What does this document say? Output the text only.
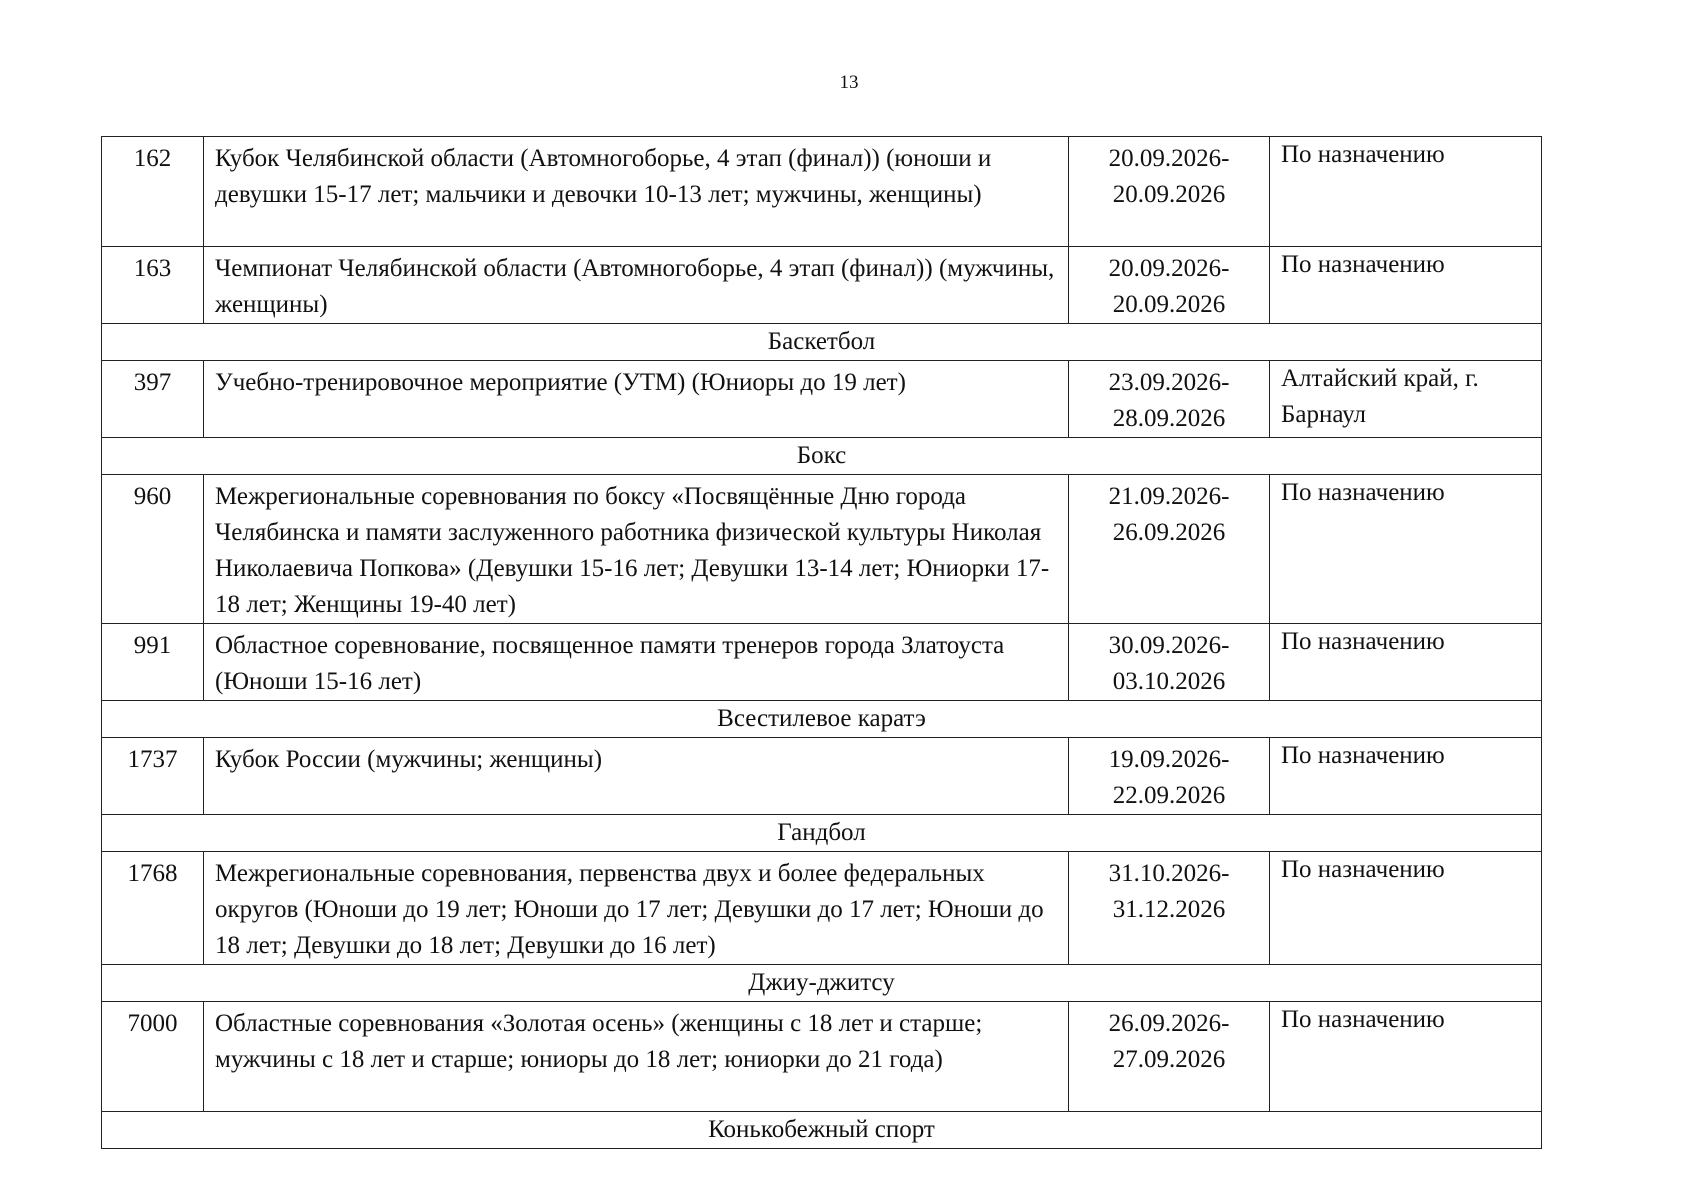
13
162	Кубок Челябинской области (Автомногоборье, 4 этап (финал)) (юноши и девушки 15-17 лет; мальчики и девочки 10-13 лет; мужчины, женщины)	20.09.2026-
20.09.2026	По назначению
163	Чемпионат Челябинской области (Автомногоборье, 4 этап (финал)) (мужчины, женщины)	20.09.2026-
20.09.2026	По назначению
Баскетбол			
397	Учебно-тренировочное мероприятие (УТМ) (Юниоры до 19 лет)	23.09.2026-
28.09.2026	Алтайский край, г. Барнаул
Бокс			
960	Межрегиональные соревнования по боксу «Посвящённые Дню города Челябинска и памяти заслуженного работника физической культуры Николая Николаевича Попкова» (Девушки 15-16 лет; Девушки 13-14 лет; Юниорки 17-18 лет; Женщины 19-40 лет)	21.09.2026-
26.09.2026	По назначению
991	Областное соревнование, посвященное памяти тренеров города Златоуста (Юноши 15-16 лет)	30.09.2026-
03.10.2026	По назначению
Всестилевое каратэ			
1737	Кубок России (мужчины; женщины)	19.09.2026-
22.09.2026	По назначению
Гандбол			
1768	Межрегиональные соревнования, первенства двух и более федеральных округов (Юноши до 19 лет; Юноши до 17 лет; Девушки до 17 лет; Юноши до 18 лет; Девушки до 18 лет; Девушки до 16 лет)	31.10.2026-
31.12.2026	По назначению
Джиу-джитсу			
7000	Областные соревнования «Золотая осень» (женщины с 18 лет и старше; мужчины с 18 лет и старше; юниоры до 18 лет; юниорки до 21 года)	26.09.2026-
27.09.2026	По назначению
Конькобежный спорт			
